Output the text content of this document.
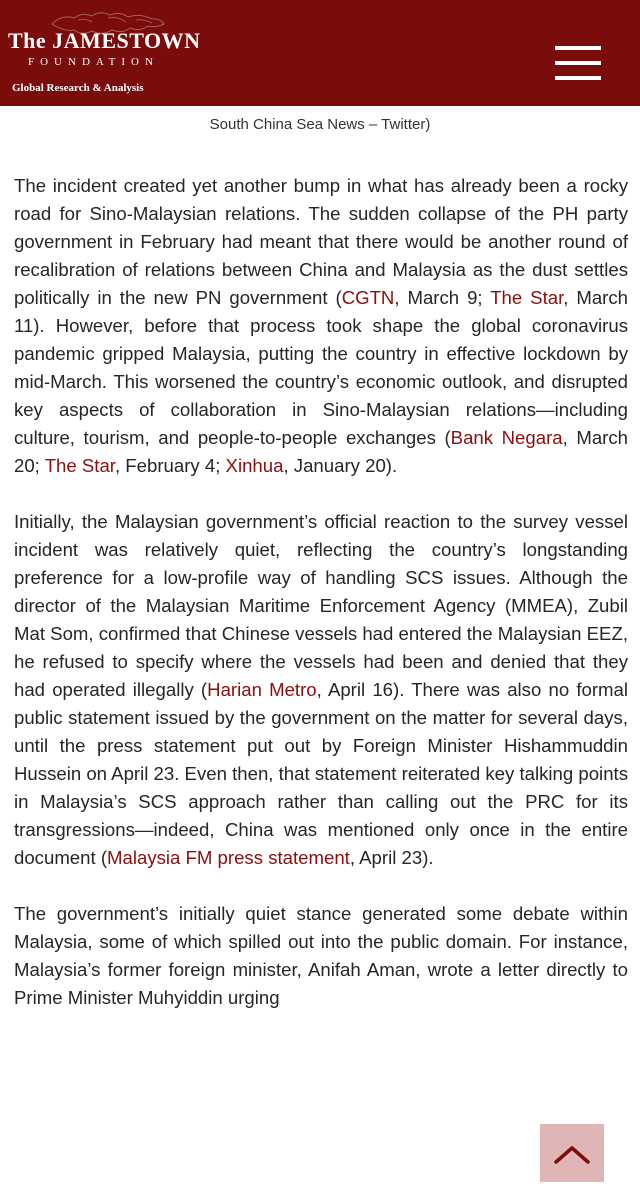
The JAMESTOWN
FOUNDATION
Global Research & Analysis
South China Sea News – Twitter)

The incident created yet another bump in what has already been a rocky road for Sino-Malaysian relations. The sudden collapse of the PH party government in February had meant that there would be another round of recalibration of relations between China and Malaysia as the dust settles politically in the new PN government (CGTN, March 9; The Star, March 11). However, before that process took shape the global coronavirus pandemic gripped Malaysia, putting the country in effective lockdown by mid-March. This worsened the country’s economic outlook, and disrupted key aspects of collaboration in Sino-Malaysian relations—including culture, tourism, and people-to-people exchanges (Bank Negara, March 20; The Star, February 4; Xinhua, January 20).

Initially, the Malaysian government’s official reaction to the survey vessel incident was relatively quiet, reflecting the country’s longstanding preference for a low-profile way of handling SCS issues. Although the director of the Malaysian Maritime Enforcement Agency (MMEA), Zubil Mat Som, confirmed that Chinese vessels had entered the Malaysian EEZ, he refused to specify where the vessels had been and denied that they had operated illegally (Harian Metro, April 16). There was also no formal public statement issued by the government on the matter for several days, until the press statement put out by Foreign Minister Hishammuddin Hussein on April 23. Even then, that statement reiterated key talking points in Malaysia’s SCS approach rather than calling out the PRC for its transgressions—indeed, China was mentioned only once in the entire document (Malaysia FM press statement, April 23).

The government’s initially quiet stance generated some debate within Malaysia, some of which spilled out into the public domain. For instance, Malaysia’s former foreign minister, Anifah Aman, wrote a letter directly to Prime Minister Muhyiddin urging
